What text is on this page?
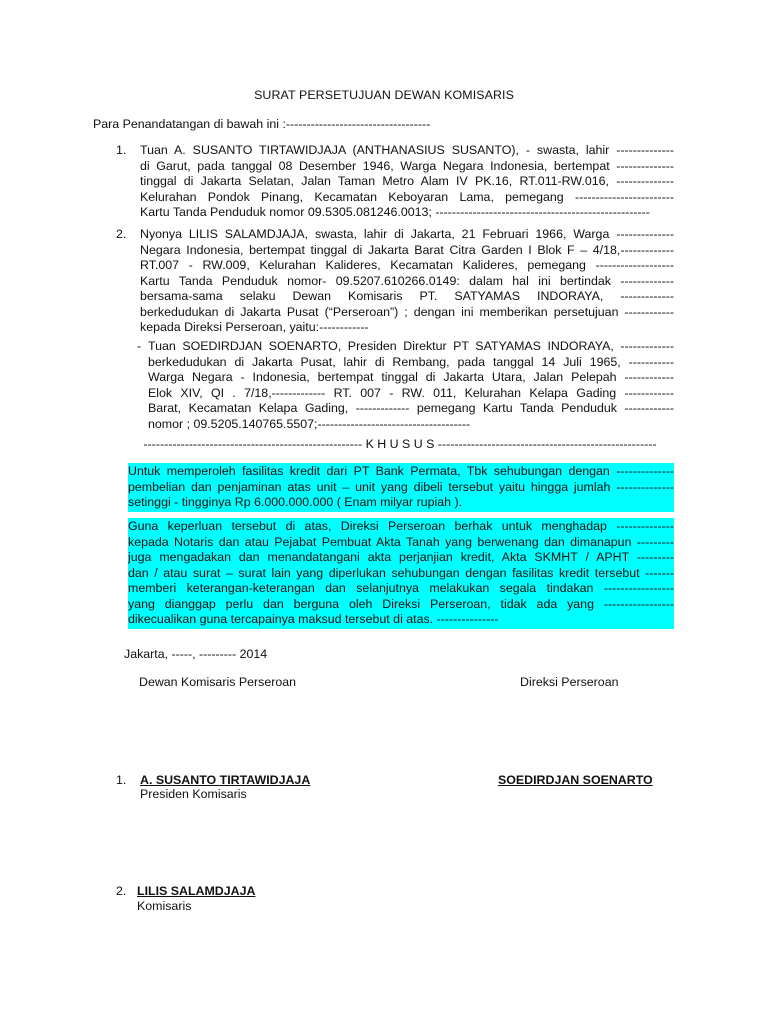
SURAT PERSETUJUAN DEWAN KOMISARIS
Para Penandatangan di bawah ini :-----------------------------------
1. Tuan A. SUSANTO TIRTAWIDJAJA (ANTHANASIUS SUSANTO), - swasta, lahir --------------
di Garut, pada tanggal 08 Desember 1946, Warga Negara Indonesia, bertempat --------------
tinggal di Jakarta Selatan, Jalan Taman Metro Alam IV PK.16, RT.011-RW.016, --------------
Kelurahan Pondok Pinang, Kecamatan Keboyaran Lama, pemegang ------------------------
Kartu Tanda Penduduk nomor 09.5305.081246.0013; ----------------------------------------------------
2. Nyonya LILIS SALAMDJAJA, swasta, lahir di Jakarta, 21 Februari 1966, Warga --------------
Negara Indonesia, bertempat tinggal di Jakarta Barat Citra Garden I Blok F – 4/18,-------------
RT.007 - RW.009, Kelurahan Kalideres, Kecamatan Kalideres, pemegang -------------------
Kartu Tanda Penduduk nomor- 09.5207.610266.0149: dalam hal ini bertindak -------------
bersama-sama selaku Dewan Komisaris PT. SATYAMAS INDORAYA, -------------
berkedudukan di Jakarta Pusat (“Perseroan”) ; dengan ini memberikan persetujuan ------------
kepada Direksi Perseroan, yaitu:------------
- Tuan SOEDIRDJAN SOENARTO, Presiden Direktur PT SATYAMAS INDORAYA, -------------
berkedudukan di Jakarta Pusat, lahir di Rembang, pada tanggal 14 Juli 1965, -----------
Warga Negara - Indonesia, bertempat tinggal di Jakarta Utara, Jalan Pelepah ------------
Elok XIV, QI . 7/18,------------- RT. 007 - RW. 011, Kelurahan Kelapa Gading ------------
Barat, Kecamatan Kelapa Gading, ------------- pemegang Kartu Tanda Penduduk ------------
nomor ; 09.5205.140765.5507;-------------------------------------
----------------------------------------------------- K H U S U S -----------------------------------------------------
Untuk memperoleh fasilitas kredit dari PT Bank Permata, Tbk sehubungan dengan --------------
pembelian dan penjaminan atas unit – unit yang dibeli tersebut yaitu hingga jumlah --------------
setinggi - tingginya Rp 6.000.000.000 ( Enam milyar rupiah ).
Guna keperluan tersebut di atas, Direksi Perseroan berhak untuk menghadap --------------
kepada Notaris dan atau Pejabat Pembuat Akta Tanah yang berwenang dan dimanapun ---------
juga mengadakan dan menandatangani akta perjanjian kredit, Akta SKMHT / APHT ---------
dan / atau surat – surat lain yang diperlukan sehubungan dengan fasilitas kredit tersebut -------
memberi keterangan-keterangan dan selanjutnya melakukan segala tindakan -----------------
yang dianggap perlu dan berguna oleh Direksi Perseroan, tidak ada yang -----------------
dikecualikan guna tercapainya maksud tersebut di atas. ---------------
Jakarta, -----, --------- 2014
Dewan Komisaris Perseroan	Direksi Perseroan
1. A. SUSANTO TIRTAWIDJAJA
Presiden Komisaris
SOEDIRDJAN SOENARTO
2. LILIS SALAMDJAJA
Komisaris
